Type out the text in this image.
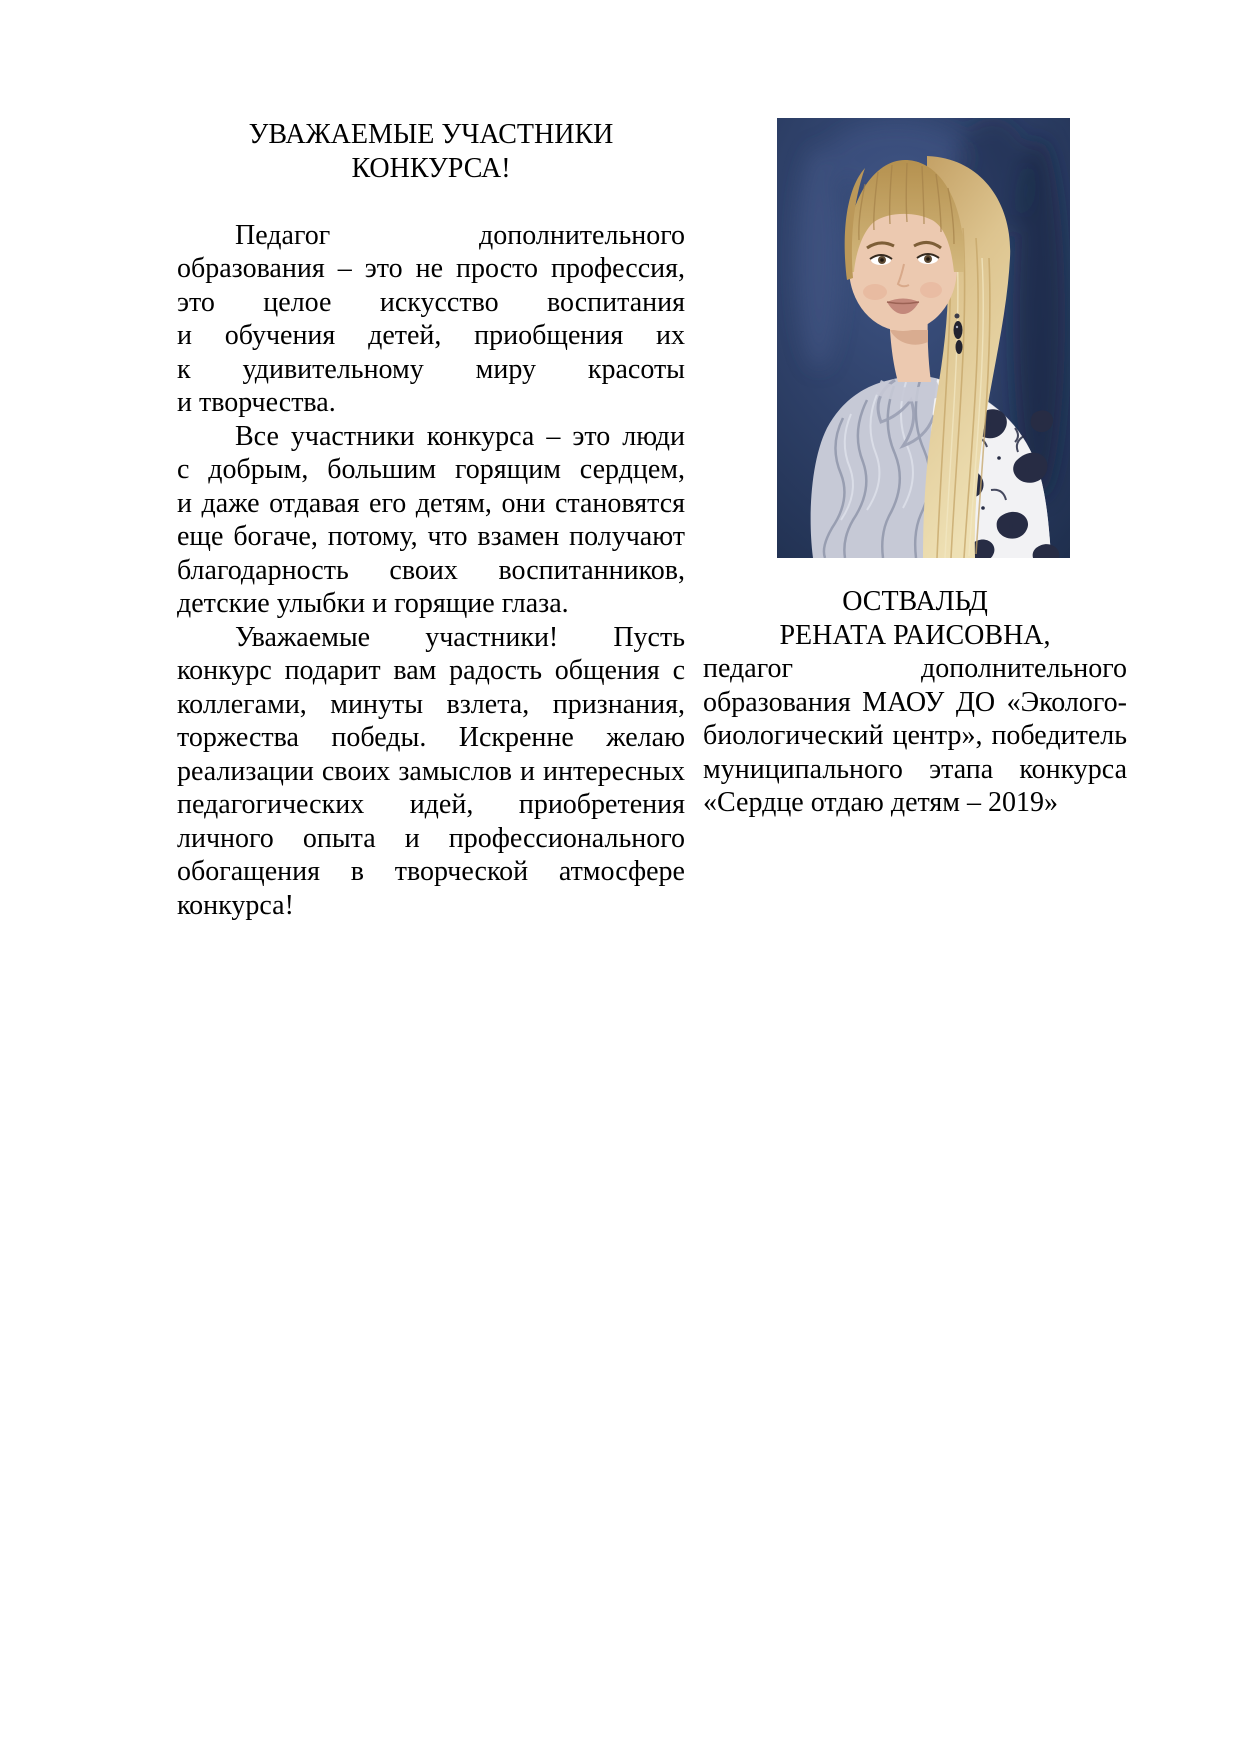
УВАЖАЕМЫЕ УЧАСТНИКИ КОНКУРСА!

Педагог дополнительного образования – это не просто профессия, это целое искусство воспитания и обучения детей, приобщения их к удивительному миру красоты и творчества.

Все участники конкурса – это люди с добрым, большим горящим сердцем, и даже отдавая его детям, они становятся еще богаче, потому, что взамен получают благодарность своих воспитанников, детские улыбки и горящие глаза.

Уважаемые участники! Пусть конкурс подарит вам радость общения с коллегами, минуты взлета, признания, торжества победы. Искренне желаю реализации своих замыслов и интересных педагогических идей, приобретения личного опыта и профессионального обогащения в творческой атмосфере конкурса!

ОСТВАЛЬД
РЕНАТА РАИСОВНА,

педагог дополнительного образования МАОУ ДО «Эколого-биологический центр», победитель муниципального этапа конкурса «Сердце отдаю детям – 2019»
